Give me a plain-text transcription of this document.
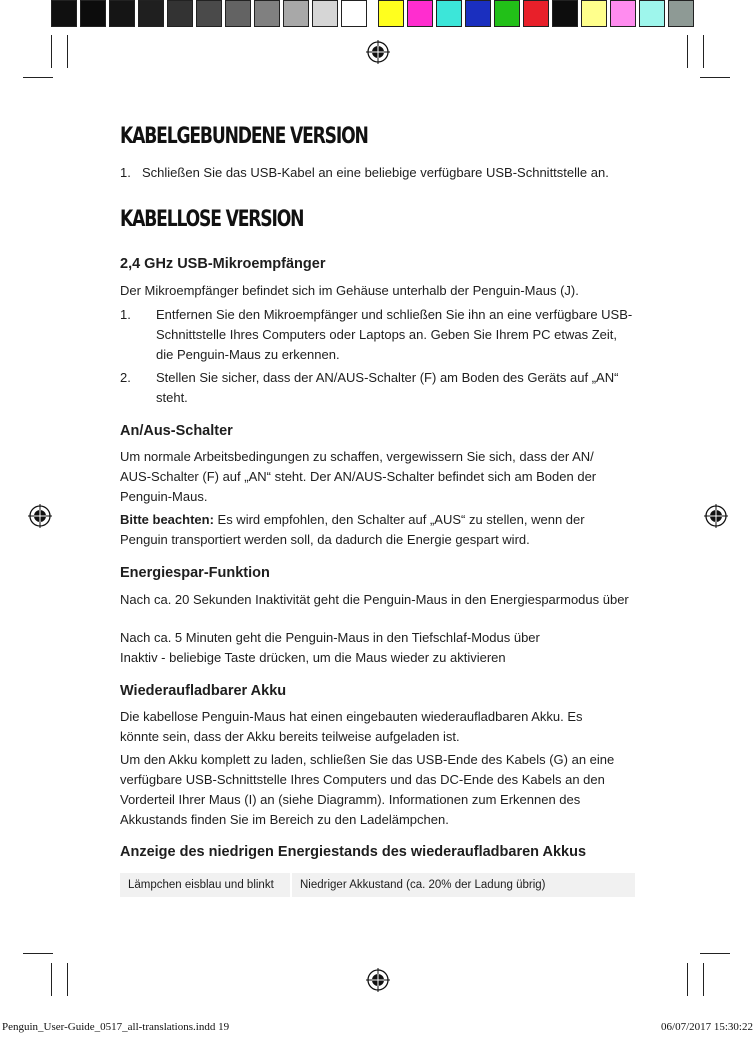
KABELGEBUNDENE VERSION
1. Schließen Sie das USB-Kabel an eine beliebige verfügbare USB-Schnittstelle an.
KABELLOSE VERSION
2,4 GHz USB-Mikroempfänger

Der Mikroempfänger befindet sich im Gehäuse unterhalb der Penguin-Maus (J).

1. Entfernen Sie den Mikroempfänger und schließen Sie ihn an eine verfügbare USB-Schnittstelle Ihres Computers oder Laptops an. Geben Sie Ihrem PC etwas Zeit, die Penguin-Maus zu erkennen.
2. Stellen Sie sicher, dass der AN/AUS-Schalter (F) am Boden des Geräts auf „AN“ steht.
An/Aus-Schalter

Um normale Arbeitsbedingungen zu schaffen, vergewissern Sie sich, dass der AN/ AUS-Schalter (F) auf „AN“ steht. Der AN/AUS-Schalter befindet sich am Boden der Penguin-Maus.

Bitte beachten: Es wird empfohlen, den Schalter auf „AUS“ zu stellen, wenn der Penguin transportiert werden soll, da dadurch die Energie gespart wird.

Energiespar-Funktion

Nach ca. 20 Sekunden Inaktivität geht die Penguin-Maus in den Energiesparmodus über

Nach ca. 5 Minuten geht die Penguin-Maus in den Tiefschlaf-Modus über

Inaktiv - beliebige Taste drücken, um die Maus wieder zu aktivieren

Wiederaufladbarer Akku

Die kabellose Penguin-Maus hat einen eingebauten wiederaufladbaren Akku. Es könnte sein, dass der Akku bereits teilweise aufgeladen ist.

Um den Akku komplett zu laden, schließen Sie das USB-Ende des Kabels (G) an eine verfügbare USB-Schnittstelle Ihres Computers und das DC-Ende des Kabels an den Vorderteil Ihrer Maus (I) an (siehe Diagramm). Informationen zum Erkennen des Akkustands finden Sie im Bereich zu den Ladelämpchen.

Anzeige des niedrigen Energiestands des wiederaufladbaren Akkus
Lämpchen eisblau und blinkt	Niedriger Akkustand (ca. 20% der Ladung übrig)
Penguin_User-Guide_0517_all-translations.indd 19	06/07/2017 15:30:22
